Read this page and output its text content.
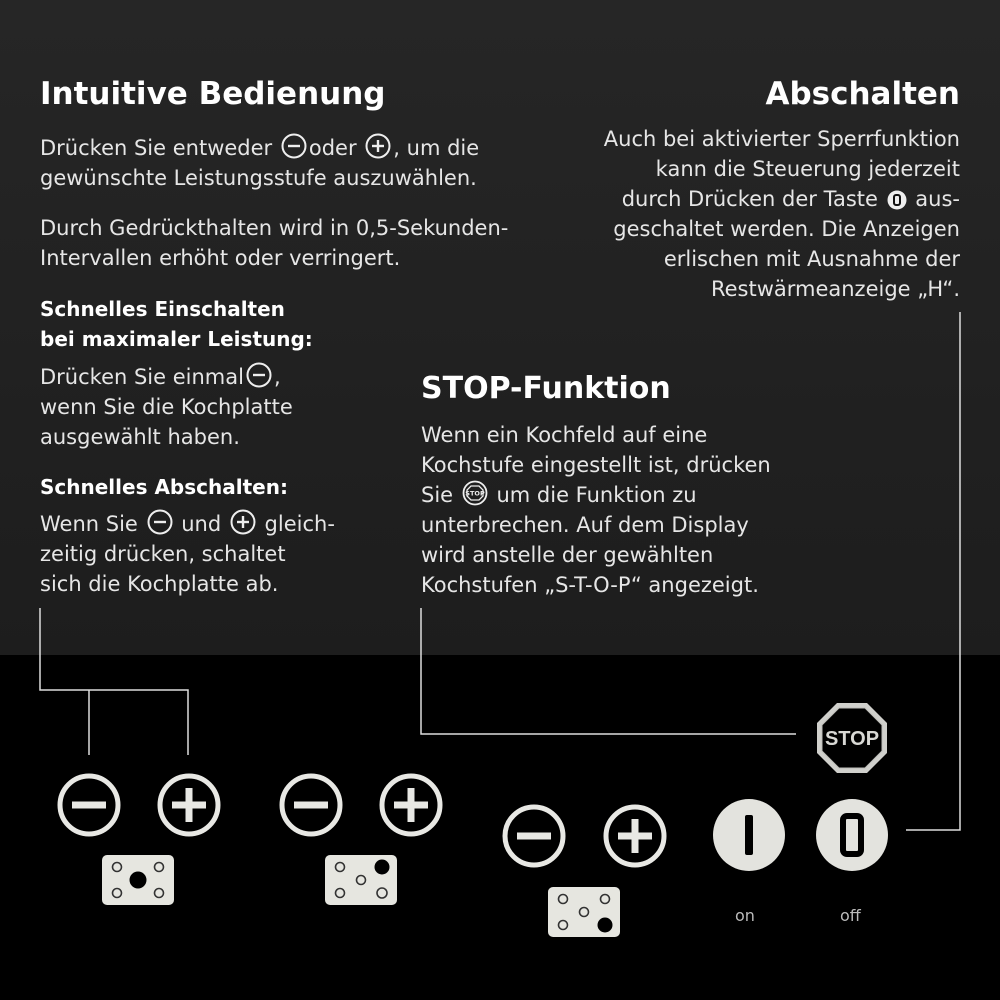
Intuitive Bedienung
Drücken Sie entweder oder , um die
gewünschte Leistungsstufe auszuwählen.
Durch Gedrückthalten wird in 0,5-Sekunden-
Intervallen erhöht oder verringert.
Schnelles Einschalten
bei maximaler Leistung:
Drücken Sie einmal ,
wenn Sie die Kochplatte
ausgewählt haben.
Schnelles Abschalten:
Wenn Sie und gleich-
zeitig drücken, schaltet
sich die Kochplatte ab.
Abschalten
Auch bei aktivierter Sperrfunktion
kann die Steuerung jederzeit
durch Drücken der Taste aus-
geschaltet werden. Die Anzeigen
erlischen mit Ausnahme der
Restwärmeanzeige „H“.
STOP-Funktion
Wenn ein Kochfeld auf eine
Kochstufe eingestellt ist, drücken
Sie STOP um die Funktion zu
unterbrechen. Auf dem Display
wird anstelle der gewählten
Kochstufen „S-T-O-P“ angezeigt.
STOP
on	off
